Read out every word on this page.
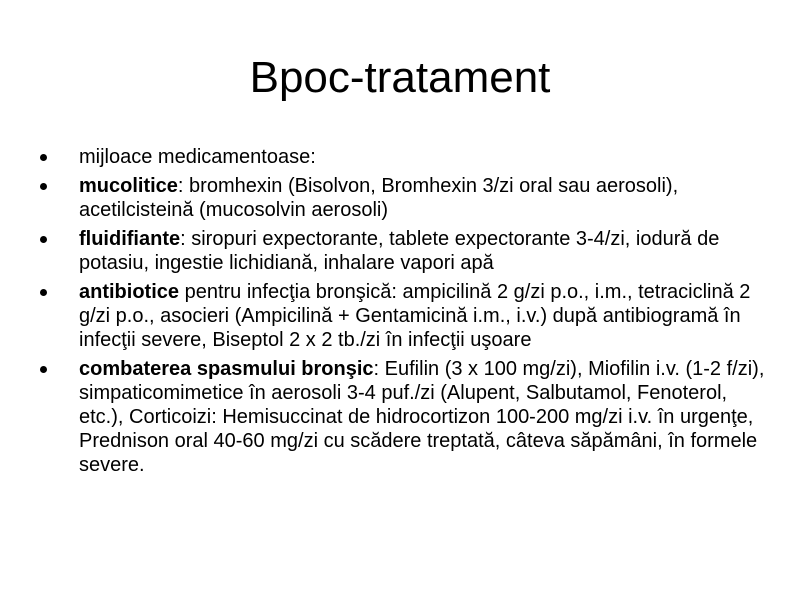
Bpoc-tratament
mijloace medicamentoase:
mucolitice: bromhexin (Bisolvon, Bromhexin 3/zi oral sau aerosoli), acetilcisteină (mucosolvin aerosoli)
fluidifiante: siropuri expectorante, tablete expectorante 3-4/zi, iodură de potasiu, ingestie lichidiană, inhalare vapori apă
antibiotice pentru infecţia bronşică: ampicilină 2 g/zi p.o., i.m., tetraciclină 2 g/zi p.o., asocieri (Ampicilină + Gentamicină i.m., i.v.) după antibiogramă în infecţii severe, Biseptol 2 x 2 tb./zi în infecţii uşoare
combaterea spasmului bronşic: Eufilin (3 x 100 mg/zi), Miofilin i.v. (1-2 f/zi), simpaticomimetice în aerosoli 3-4 puf./zi (Alupent, Salbutamol, Fenoterol, etc.), Corticoizi: Hemisuccinat de hidrocortizon 100-200 mg/zi i.v. în urgenţe, Prednison oral 40-60 mg/zi cu scădere treptată, câteva săpămâni, în formele severe.
